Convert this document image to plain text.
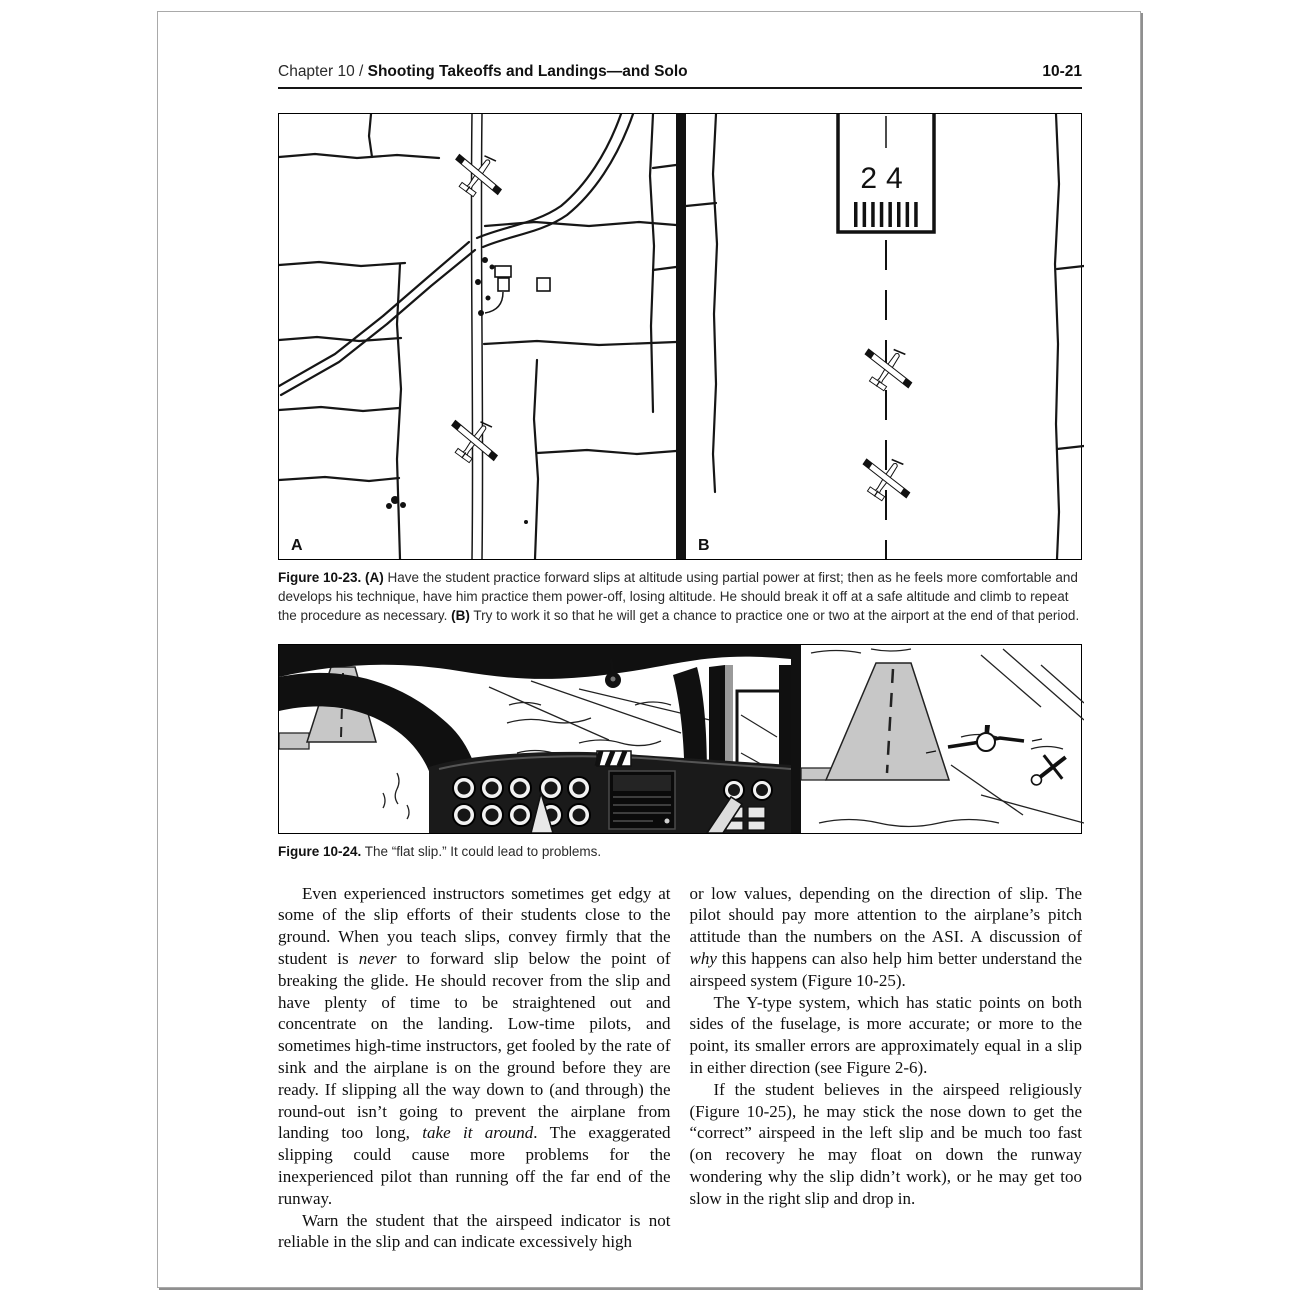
Chapter 10 / Shooting Takeoffs and Landings—and Solo	10-21
A
24
B

Figure 10-23. (A) Have the student practice forward slips at altitude using partial power at first; then as he feels more comfortable and develops his technique, have him practice them power-off, losing altitude. He should break it off at a safe altitude and climb to repeat the procedure as necessary. (B) Try to work it so that he will get a chance to practice one or two at the airport at the end of that period.

Figure 10-24. The “flat slip.” It could lead to problems.

Even experienced instructors sometimes get edgy at some of the slip efforts of their students close to the ground. When you teach slips, convey firmly that the student is never to forward slip below the point of breaking the glide. He should recover from the slip and have plenty of time to be straightened out and concentrate on the landing. Low-time pilots, and sometimes high-time instructors, get fooled by the rate of sink and the airplane is on the ground before they are ready. If slipping all the way down to (and through) the round-out isn’t going to prevent the airplane from landing too long, take it around. The exaggerated slipping could cause more problems for the inexperienced pilot than running off the far end of the runway.

Warn the student that the airspeed indicator is not reliable in the slip and can indicate excessively high

or low values, depending on the direction of slip. The pilot should pay more attention to the airplane’s pitch attitude than the numbers on the ASI. A discussion of why this happens can also help him better understand the airspeed system (Figure 10-25).

The Y-type system, which has static points on both sides of the fuselage, is more accurate; or more to the point, its smaller errors are approximately equal in a slip in either direction (see Figure 2-6).

If the student believes in the airspeed religiously (Figure 10-25), he may stick the nose down to get the “correct” airspeed in the left slip and be much too fast (on recovery he may float on down the runway wondering why the slip didn’t work), or he may get too slow in the right slip and drop in.
